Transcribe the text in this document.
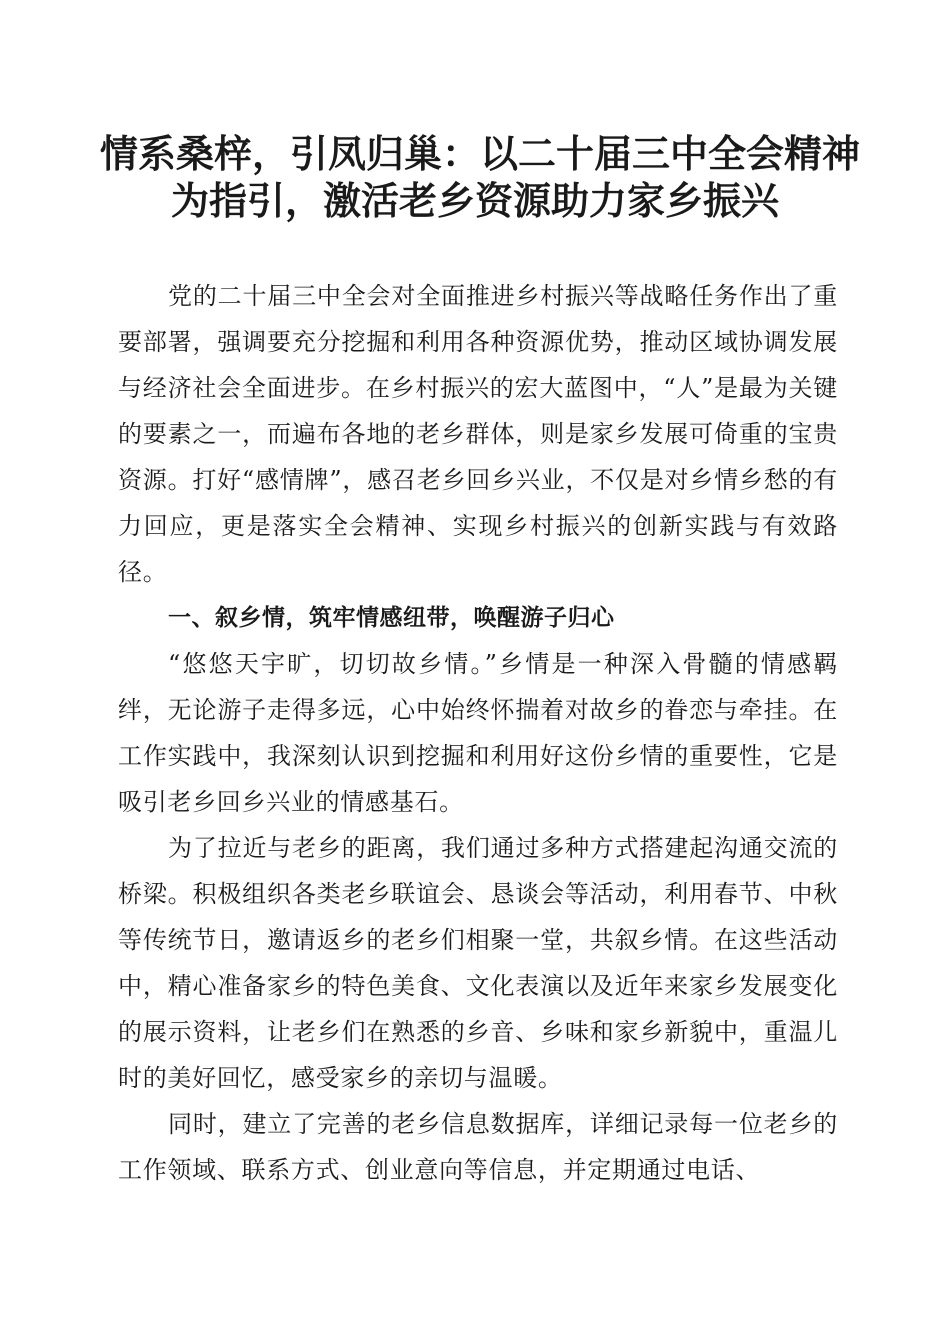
情系桑梓，引凤归巢：以二十届三中全会精神
为指引，激活老乡资源助力家乡振兴

党的二十届三中全会对全面推进乡村振兴等战略任务作出了重要部署，强调要充分挖掘和利用各种资源优势，推动区域协调发展与经济社会全面进步。在乡村振兴的宏大蓝图中，“人”是最为关键的要素之一，而遍布各地的老乡群体，则是家乡发展可倚重的宝贵资源。打好“感情牌”，感召老乡回乡兴业，不仅是对乡情乡愁的有力回应，更是落实全会精神、实现乡村振兴的创新实践与有效路径。

一、叙乡情，筑牢情感纽带，唤醒游子归心

“悠悠天宇旷，切切故乡情。”乡情是一种深入骨髓的情感羁绊，无论游子走得多远，心中始终怀揣着对故乡的眷恋与牵挂。在工作实践中，我深刻认识到挖掘和利用好这份乡情的重要性，它是吸引老乡回乡兴业的情感基石。

为了拉近与老乡的距离，我们通过多种方式搭建起沟通交流的桥梁。积极组织各类老乡联谊会、恳谈会等活动，利用春节、中秋等传统节日，邀请返乡的老乡们相聚一堂，共叙乡情。在这些活动中，精心准备家乡的特色美食、文化表演以及近年来家乡发展变化的展示资料，让老乡们在熟悉的乡音、乡味和家乡新貌中，重温儿时的美好回忆，感受家乡的亲切与温暖。

同时，建立了完善的老乡信息数据库，详细记录每一位老乡的工作领域、联系方式、创业意向等信息，并定期通过电话、
